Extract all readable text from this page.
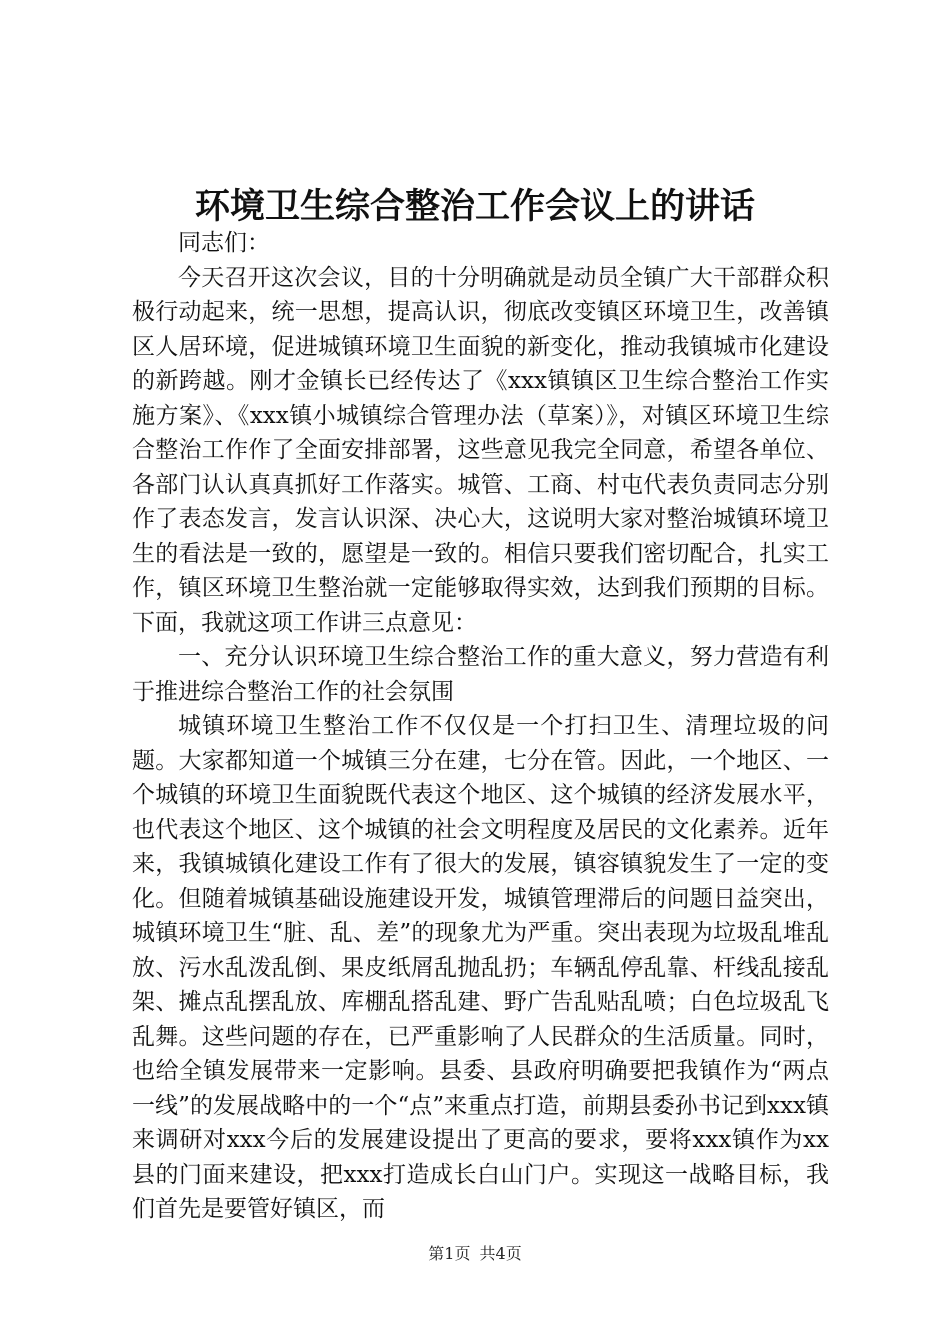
环境卫生综合整治工作会议上的讲话

同志们：

今天召开这次会议，目的十分明确就是动员全镇广大干部群众积极行动起来，统一思想，提高认识，彻底改变镇区环境卫生，改善镇区人居环境，促进城镇环境卫生面貌的新变化，推动我镇城市化建设的新跨越。刚才金镇长已经传达了《xxx镇镇区卫生综合整治工作实施方案》、《xxx镇小城镇综合管理办法（草案）》，对镇区环境卫生综合整治工作作了全面安排部署，这些意见我完全同意，希望各单位、各部门认认真真抓好工作落实。城管、工商、村屯代表负责同志分别作了表态发言，发言认识深、决心大，这说明大家对整治城镇环境卫生的看法是一致的，愿望是一致的。相信只要我们密切配合，扎实工作，镇区环境卫生整治就一定能够取得实效，达到我们预期的目标。下面，我就这项工作讲三点意见：

一、充分认识环境卫生综合整治工作的重大意义，努力营造有利于推进综合整治工作的社会氛围

城镇环境卫生整治工作不仅仅是一个打扫卫生、清理垃圾的问题。大家都知道一个城镇三分在建，七分在管。因此，一个地区、一个城镇的环境卫生面貌既代表这个地区、这个城镇的经济发展水平，也代表这个地区、这个城镇的社会文明程度及居民的文化素养。近年来，我镇城镇化建设工作有了很大的发展，镇容镇貌发生了一定的变化。但随着城镇基础设施建设开发，城镇管理滞后的问题日益突出，城镇环境卫生“脏、乱、差”的现象尤为严重。突出表现为垃圾乱堆乱放、污水乱泼乱倒、果皮纸屑乱抛乱扔；车辆乱停乱靠、杆线乱接乱架、摊点乱摆乱放、库棚乱搭乱建、野广告乱贴乱喷；白色垃圾乱飞乱舞。这些问题的存在，已严重影响了人民群众的生活质量。同时，也给全镇发展带来一定影响。县委、县政府明确要把我镇作为“两点一线”的发展战略中的一个“点”来重点打造，前期县委孙书记到xxx镇来调研对xxx今后的发展建设提出了更高的要求，要将xxx镇作为xx县的门面来建设，把xxx打造成长白山门户。实现这一战略目标，我们首先是要管好镇区，而

第1页 共4页
